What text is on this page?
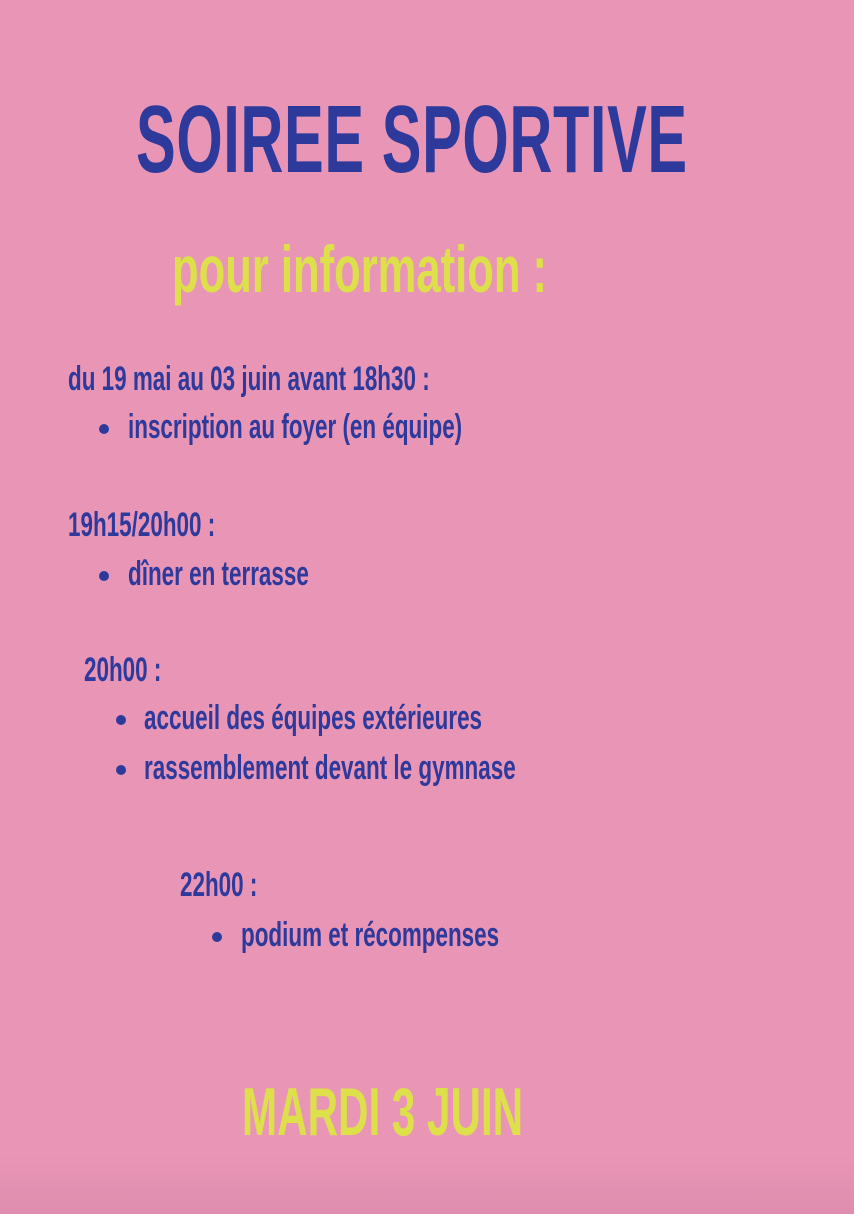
SOIREE SPORTIVE
pour information :
du 19 mai au 03 juin avant 18h30 :
inscription au foyer (en équipe)
19h15/20h00 :
dîner en terrasse
20h00 :
accueil des équipes extérieures
rassemblement devant le gymnase
22h00 :
podium et récompenses
MARDI 3 JUIN
